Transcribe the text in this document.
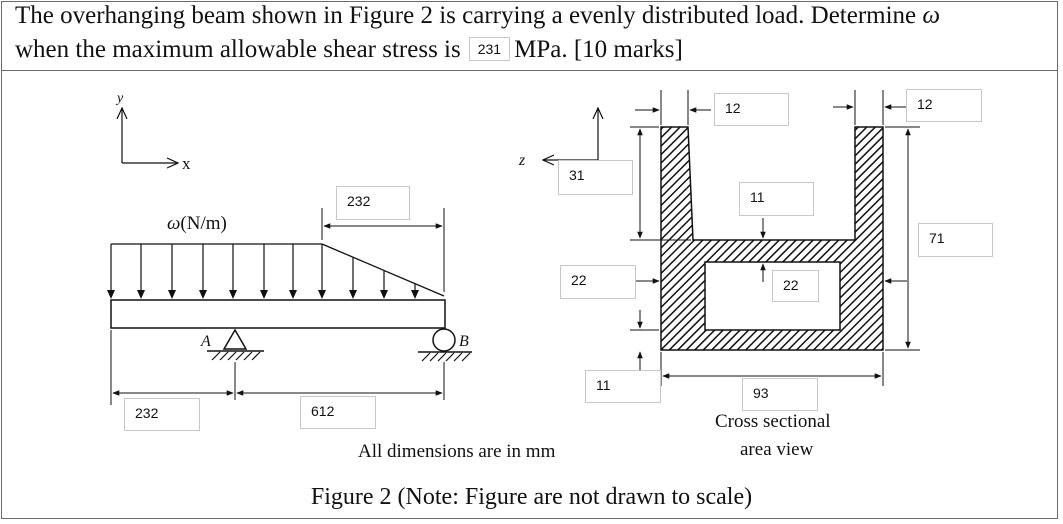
The overhanging beam shown in Figure 2 is carrying a evenly distributed load. Determine ω
when the maximum allowable shear stress is 231 MPa. [10 marks]
y
x
ω(N/m)
A	B
z
232
232	612
12	12
31
11
71
22	22
11	93
Cross sectional
area view
All dimensions are in mm
Figure 2 (Note: Figure are not drawn to scale)
